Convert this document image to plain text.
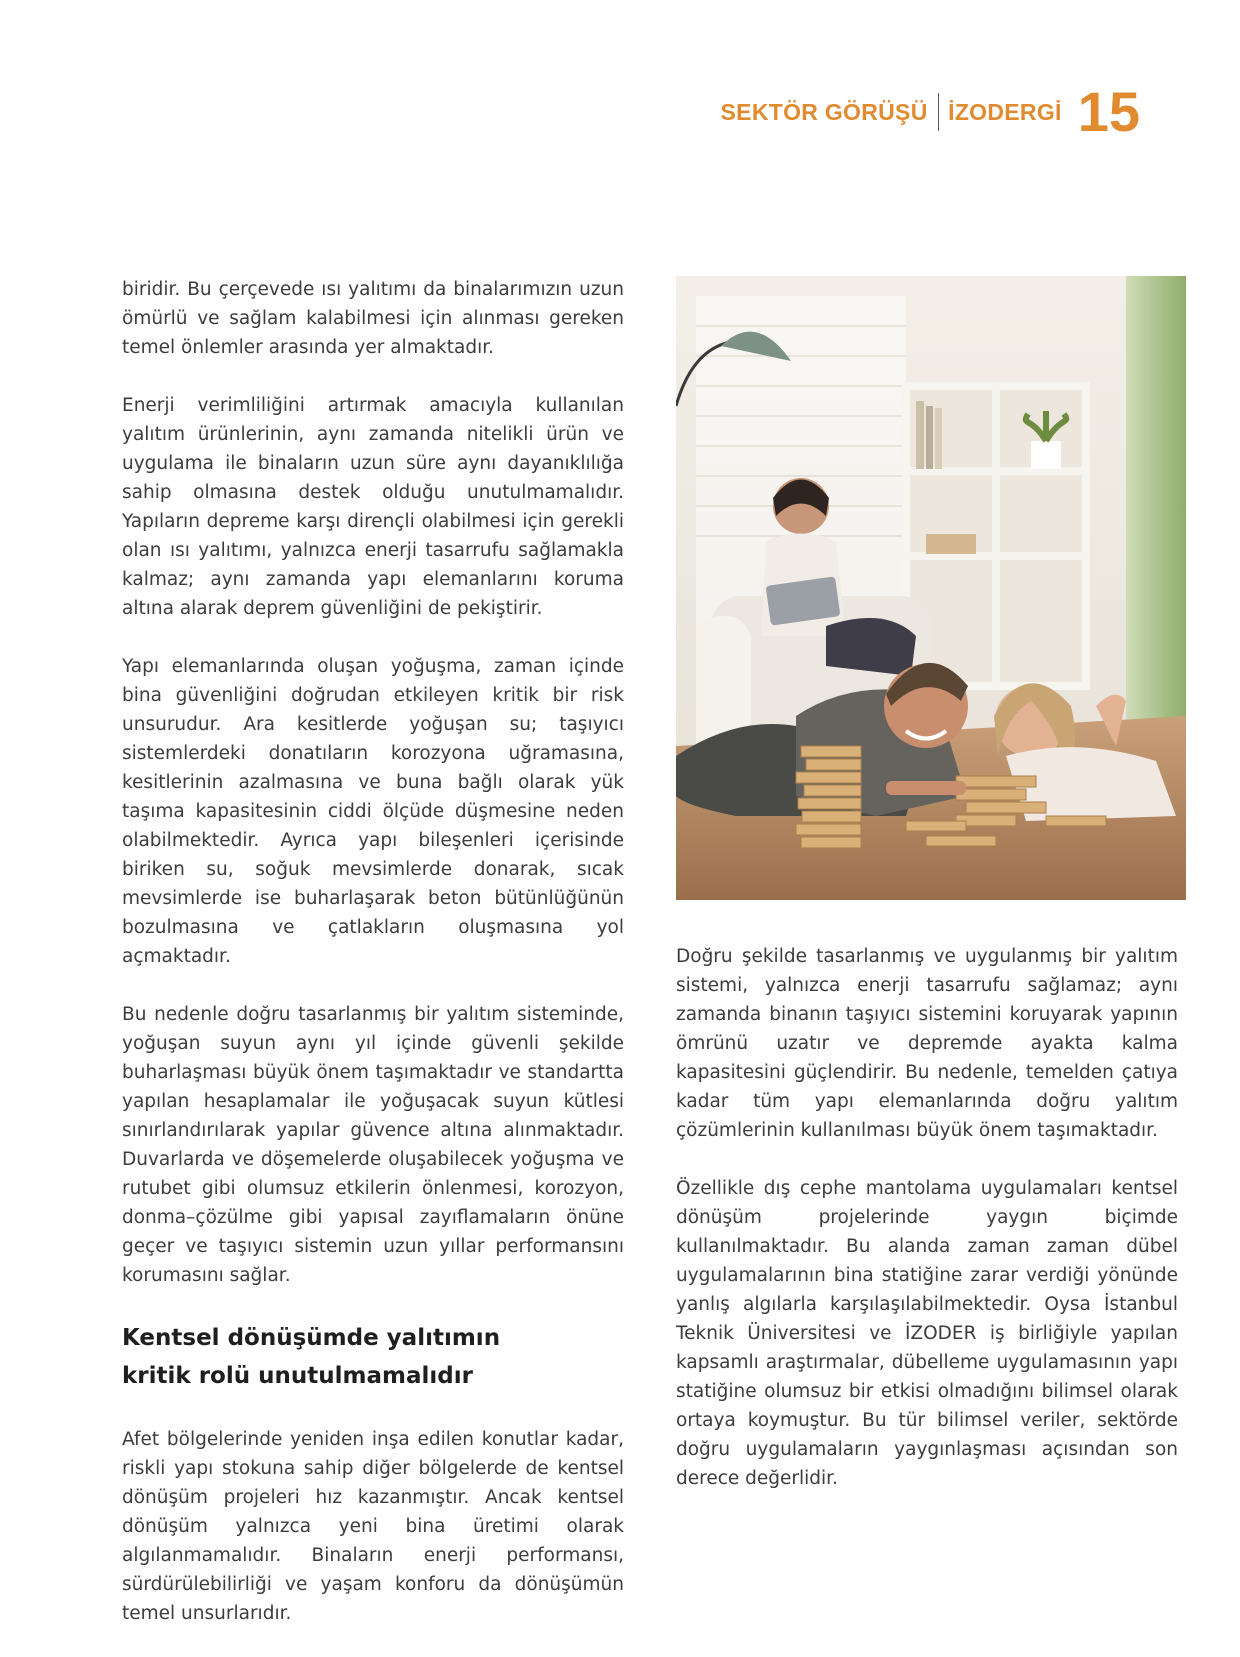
SEKTÖR GÖRÜŞÜ İZODERGİ 15

biridir. Bu çerçevede ısı yalıtımı da binalarımızın uzun ömürlü ve sağlam kalabilmesi için alınması gereken temel önlemler arasında yer almaktadır.

Enerji verimliliğini artırmak amacıyla kullanılan yalıtım ürünlerinin, aynı zamanda nitelikli ürün ve uygulama ile binaların uzun süre aynı dayanıklılığa sahip olmasına destek olduğu unutulmamalıdır. Yapıların depreme karşı dirençli olabilmesi için gerekli olan ısı yalıtımı, yalnızca enerji tasarrufu sağlamakla kalmaz; aynı zamanda yapı elemanlarını koruma altına alarak deprem güvenliğini de pekiştirir.

Yapı elemanlarında oluşan yoğuşma, zaman içinde bina güvenliğini doğrudan etkileyen kritik bir risk unsurudur. Ara kesitlerde yoğuşan su; taşıyıcı sistemlerdeki donatıların korozyona uğramasına, kesitlerinin azalmasına ve buna bağlı olarak yük taşıma kapasitesinin ciddi ölçüde düşmesine neden olabilmektedir. Ayrıca yapı bileşenleri içerisinde biriken su, soğuk mevsimlerde donarak, sıcak mevsimlerde ise buharlaşarak beton bütünlüğünün bozulmasına ve çatlakların oluşmasına yol açmaktadır.

Bu nedenle doğru tasarlanmış bir yalıtım sisteminde, yoğuşan suyun aynı yıl içinde güvenli şekilde buharlaşması büyük önem taşımaktadır ve standartta yapılan hesaplamalar ile yoğuşacak suyun kütlesi sınırlandırılarak yapılar güvence altına alınmaktadır. Duvarlarda ve döşemelerde oluşabilecek yoğuşma ve rutubet gibi olumsuz etkilerin önlenmesi, korozyon, donma–çözülme gibi yapısal zayıflamaların önüne geçer ve taşıyıcı sistemin uzun yıllar performansını korumasını sağlar.

Kentsel dönüşümde yalıtımın
kritik rolü unutulmamalıdır

Afet bölgelerinde yeniden inşa edilen konutlar kadar, riskli yapı stokuna sahip diğer bölgelerde de kentsel dönüşüm projeleri hız kazanmıştır. Ancak kentsel dönüşüm yalnızca yeni bina üretimi olarak algılanmamalıdır. Binaların enerji performansı, sürdürülebilirliği ve yaşam konforu da dönüşümün temel unsurlarıdır.

Doğru şekilde tasarlanmış ve uygulanmış bir yalıtım sistemi, yalnızca enerji tasarrufu sağlamaz; aynı zamanda binanın taşıyıcı sistemini koruyarak yapının ömrünü uzatır ve depremde ayakta kalma kapasitesini güçlendirir. Bu nedenle, temelden çatıya kadar tüm yapı elemanlarında doğru yalıtım çözümlerinin kullanılması büyük önem taşımaktadır.

Özellikle dış cephe mantolama uygulamaları kentsel dönüşüm projelerinde yaygın biçimde kullanılmaktadır. Bu alanda zaman zaman dübel uygulamalarının bina statiğine zarar verdiği yönünde yanlış algılarla karşılaşılabilmektedir. Oysa İstanbul Teknik Üniversitesi ve İZODER iş birliğiyle yapılan kapsamlı araştırmalar, dübelleme uygulamasının yapı statiğine olumsuz bir etkisi olmadığını bilimsel olarak ortaya koymuştur. Bu tür bilimsel veriler, sektörde doğru uygulamaların yaygınlaşması açısından son derece değerlidir.
